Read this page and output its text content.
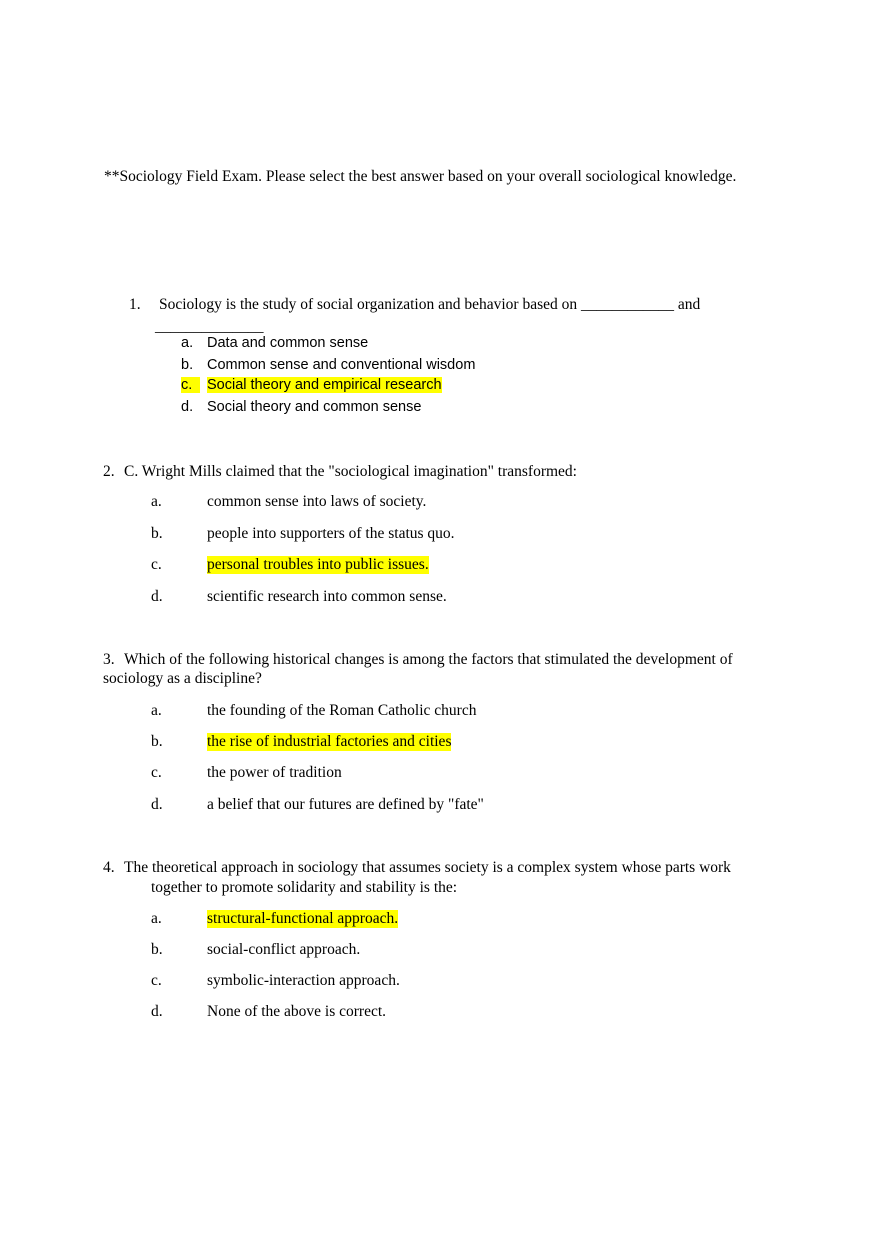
**Sociology Field Exam. Please select the best answer based on your overall sociological knowledge.
1. Sociology is the study of social organization and behavior based on ____________ and
______________
a. Data and common sense
b. Common sense and conventional wisdom
c.	Social theory and empirical research
d. Social theory and common sense
2. C. Wright Mills claimed that the "sociological imagination" transformed:
a.	common sense into laws of society.
b.	people into supporters of the status quo.
c.	personal troubles into public issues.
d.	scientific research into common sense.
3. Which of the following historical changes is among the factors that stimulated the development of
sociology as a discipline?
a.	the founding of the Roman Catholic church
b.	the rise of industrial factories and cities
c.	the power of tradition
d.	a belief that our futures are defined by "fate"
4. The theoretical approach in sociology that assumes society is a complex system whose parts work
together to promote solidarity and stability is the:
a.	structural-functional approach.
b.	social-conflict approach.
c.	symbolic-interaction approach.
d.	None of the above is correct.
